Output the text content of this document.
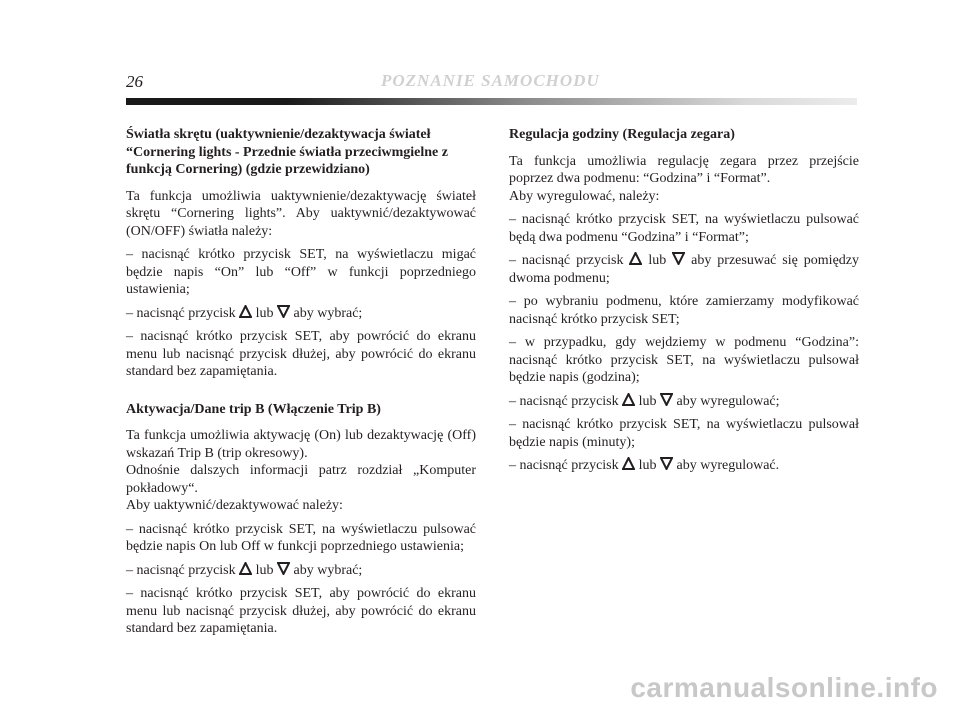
26	POZNANIE SAMOCHODU

Światła skrętu (uaktywnienie/dezaktywacja świateł “Cornering lights - Przednie światła przeciwmgielne z funkcją Cornering) (gdzie przewidziano)

Ta funkcja umożliwia uaktywnienie/dezaktywację świateł skrętu “Cornering lights”. Aby uaktywnić/dezaktywować (ON/OFF) światła należy:

– nacisnąć krótko przycisk SET, na wyświetlaczu migać będzie napis “On” lub “Off” w funkcji poprzedniego ustawienia;

– nacisnąć przycisk lub aby wybrać;

– nacisnąć krótko przycisk SET, aby powrócić do ekranu menu lub nacisnąć przycisk dłużej, aby powrócić do ekranu standard bez zapamiętania.

Aktywacja/Dane trip B (Włączenie Trip B)

Ta funkcja umożliwia aktywację (On) lub dezaktywację (Off) wskazań Trip B (trip okresowy).

Odnośnie dalszych informacji patrz rozdział „Komputer pokładowy“.

Aby uaktywnić/dezaktywować należy:

– nacisnąć krótko przycisk SET, na wyświetlaczu pulsować będzie napis On lub Off w funkcji poprzedniego ustawienia;

– nacisnąć przycisk lub aby wybrać;

– nacisnąć krótko przycisk SET, aby powrócić do ekranu menu lub nacisnąć przycisk dłużej, aby powrócić do ekranu standard bez zapamiętania.

Regulacja godziny (Regulacja zegara)

Ta funkcja umożliwia regulację zegara przez przejście poprzez dwa podmenu: “Godzina” i “Format”.

Aby wyregulować, należy:

– nacisnąć krótko przycisk SET, na wyświetlaczu pulsować będą dwa podmenu “Godzina” i “Format”;

– nacisnąć przycisk lub aby przesuwać się pomiędzy dwoma podmenu;

– po wybraniu podmenu, które zamierzamy modyfikować nacisnąć krótko przycisk SET;

– w przypadku, gdy wejdziemy w podmenu “Godzina”: nacisnąć krótko przycisk SET, na wyświetlaczu pulsował będzie napis (godzina);

– nacisnąć przycisk lub aby wyregulować;

– nacisnąć krótko przycisk SET, na wyświetlaczu pulsował będzie napis (minuty);

– nacisnąć przycisk lub aby wyregulować.

carmanualsonline.info
